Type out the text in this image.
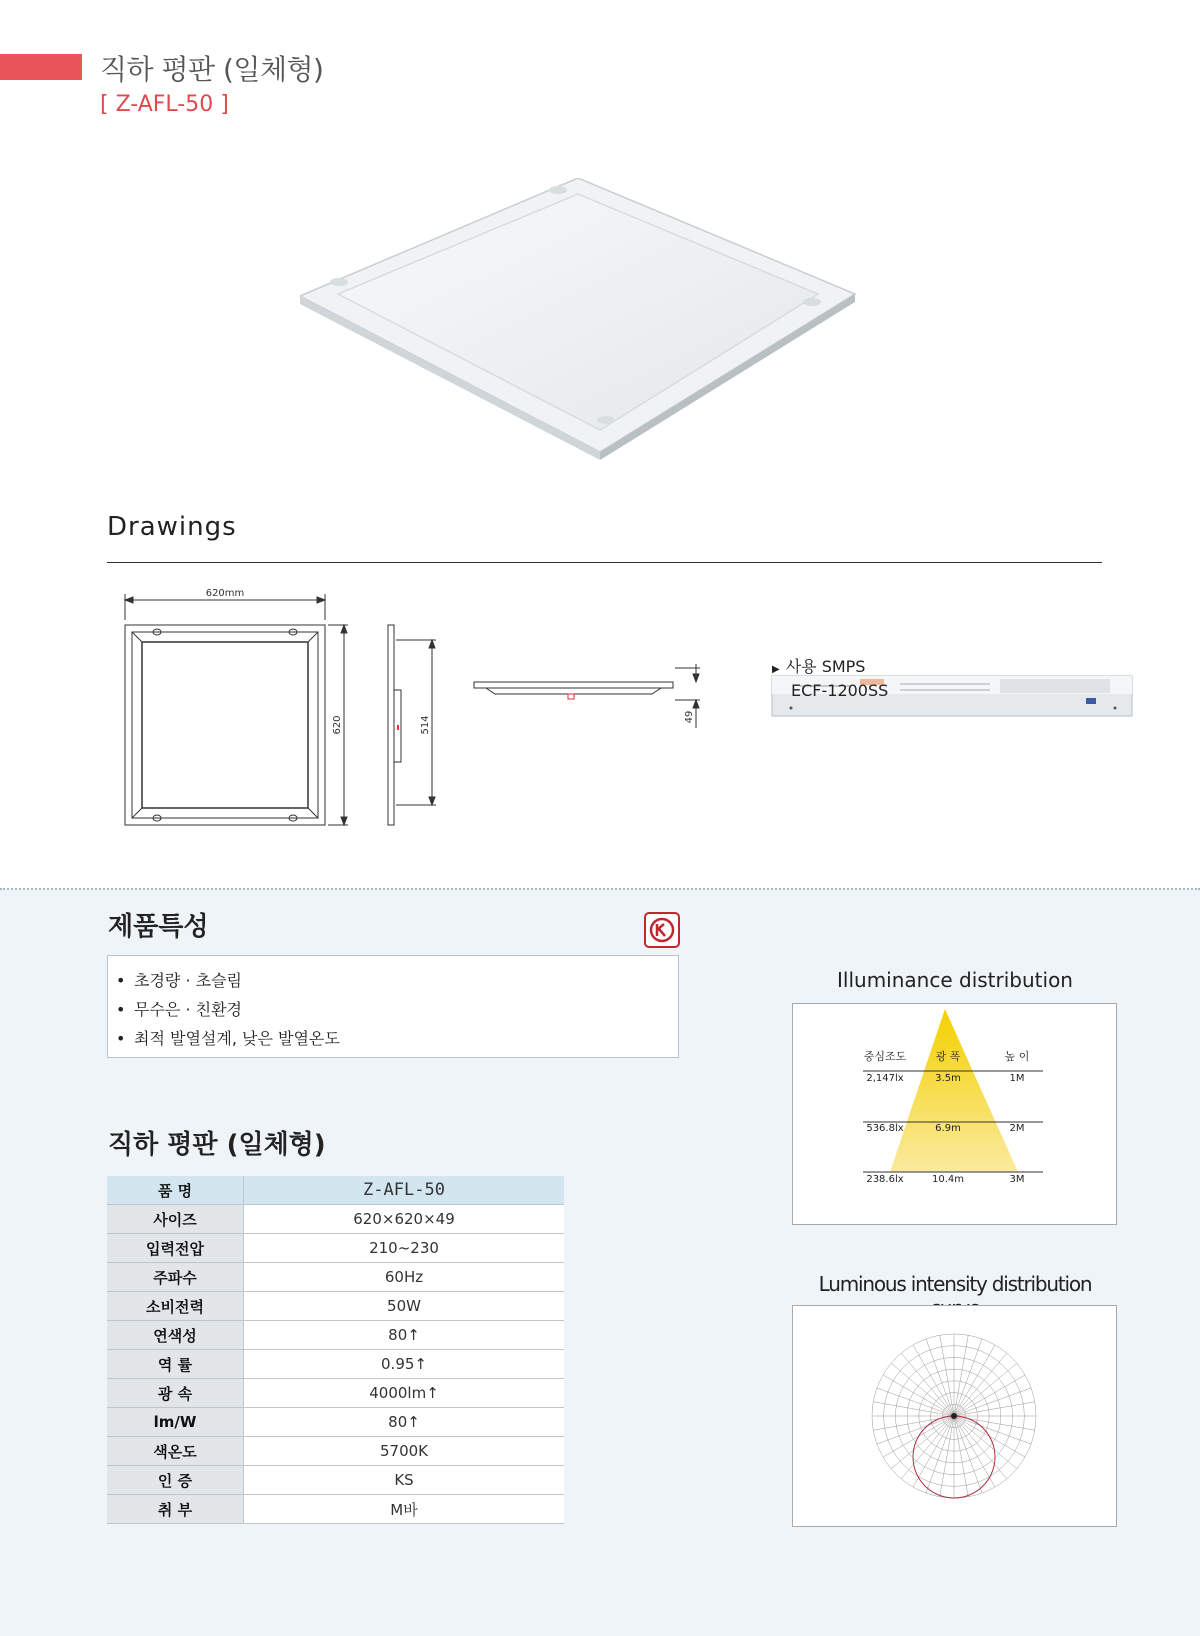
직하 평판 (일체형)
[ Z-AFL-50 ]
Drawings
620mm
620	514	49
▶ 사용 SMPS
ECF-1200SS
제품특성
• 초경량 · 초슬림
• 무수은 · 친환경
• 최적 발열설계, 낮은 발열온도
직하 평판 (일체형)
품 명	Z-AFL-50
사이즈	620×620×49
입력전압	210~230
주파수	60Hz
소비전력	50W
연색성	80↑
역 률	0.95↑
광 속	4000lm↑
lm/W	80↑
색온도	5700K
인 증	KS
취 부	M바
Illuminance distribution
중심조도	광 폭	높 이
2,147lx	3.5m	1M
536.8lx	6.9m	2M
238.6lx	10.4m	3M
Luminous intensity distribution
